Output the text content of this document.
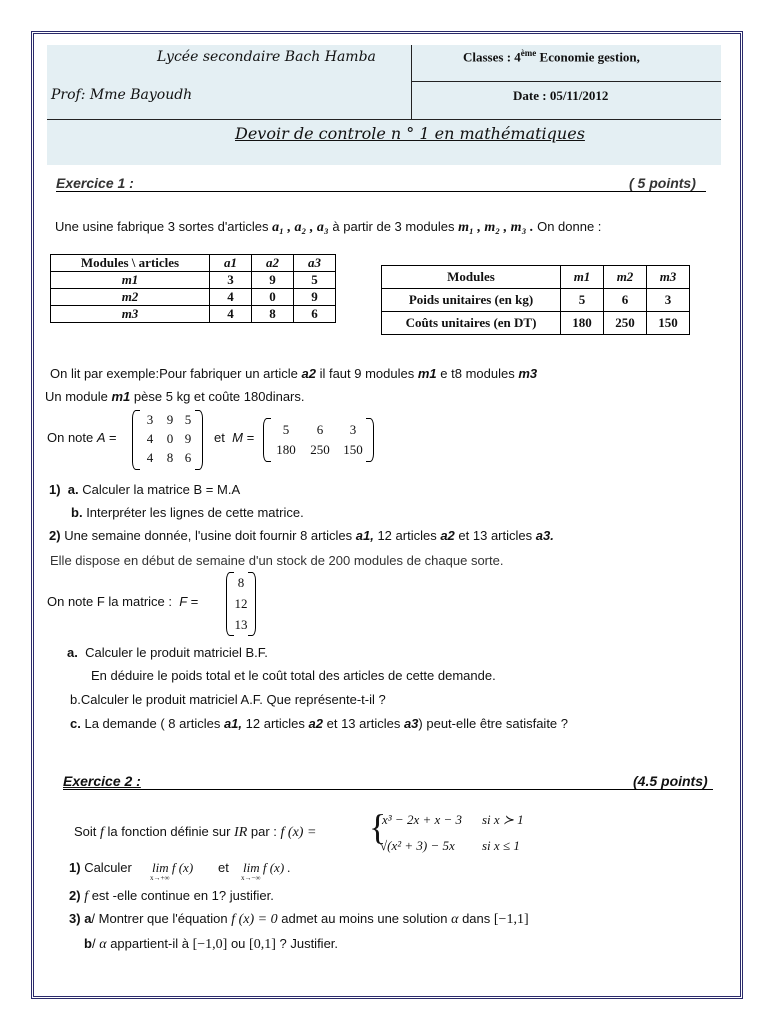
Lycée secondaire Bach Hamba	Classes : 4ème Economie gestion,
Prof: Mme Bayoudh	Date : 05/11/2012
Devoir de controle n ° 1 en mathématiques
Exercice 1 :	( 5 points)
Une usine fabrique 3 sortes d'articles a₁ , a₂ , a₃ à partir de 3 modules m₁ , m₂ , m₃ . On donne :
Modules \ articles	a1	a2	a3
m1	3	9	5
m2	4	0	9
m3	4	8	6
Modules	m1	m2	m3
Poids unitaires (en kg)	5	6	3
Coûts unitaires (en DT)	180	250	150
On lit par exemple:Pour fabriquer un article a2 il faut 9 modules m1 e t8 modules m3
Un module m1 pèse 5 kg et coûte 180dinars.
On note A =
3 9 5
4 0 9
4 8 6
et M =
5 6 3
180 250 150
1) a. Calculer la matrice B = M.A
b. Interpréter les lignes de cette matrice.
2) Une semaine donnée, l'usine doit fournir 8 articles a1, 12 articles a2 et 13 articles a3.
Elle dispose en début de semaine d'un stock de 200 modules de chaque sorte.
On note F la matrice : F =
8
12
13
a. Calculer le produit matriciel B.F.
En déduire le poids total et le coût total des articles de cette demande.
b.Calculer le produit matriciel A.F. Que représente-t-il ?
c. La demande ( 8 articles a1, 12 articles a2 et 13 articles a3) peut-elle être satisfaite ?
Exercice 2 :	(4.5 points)
Soit f la fonction définie sur IR par : f (x) = {
x³ − 2x + x − 3 si x ≻ 1
√(x² + 3) − 5x si x ≤ 1
1) Calculer lim f (x)
x→+∞
et lim f (x) .
x→−∞
2) f est -elle continue en 1? justifier.
3) a/ Montrer que l'équation f (x) = 0 admet au moins une solution α dans [−1,1]
b/ α appartient-il à [−1,0] ou [0,1] ? Justifier.
